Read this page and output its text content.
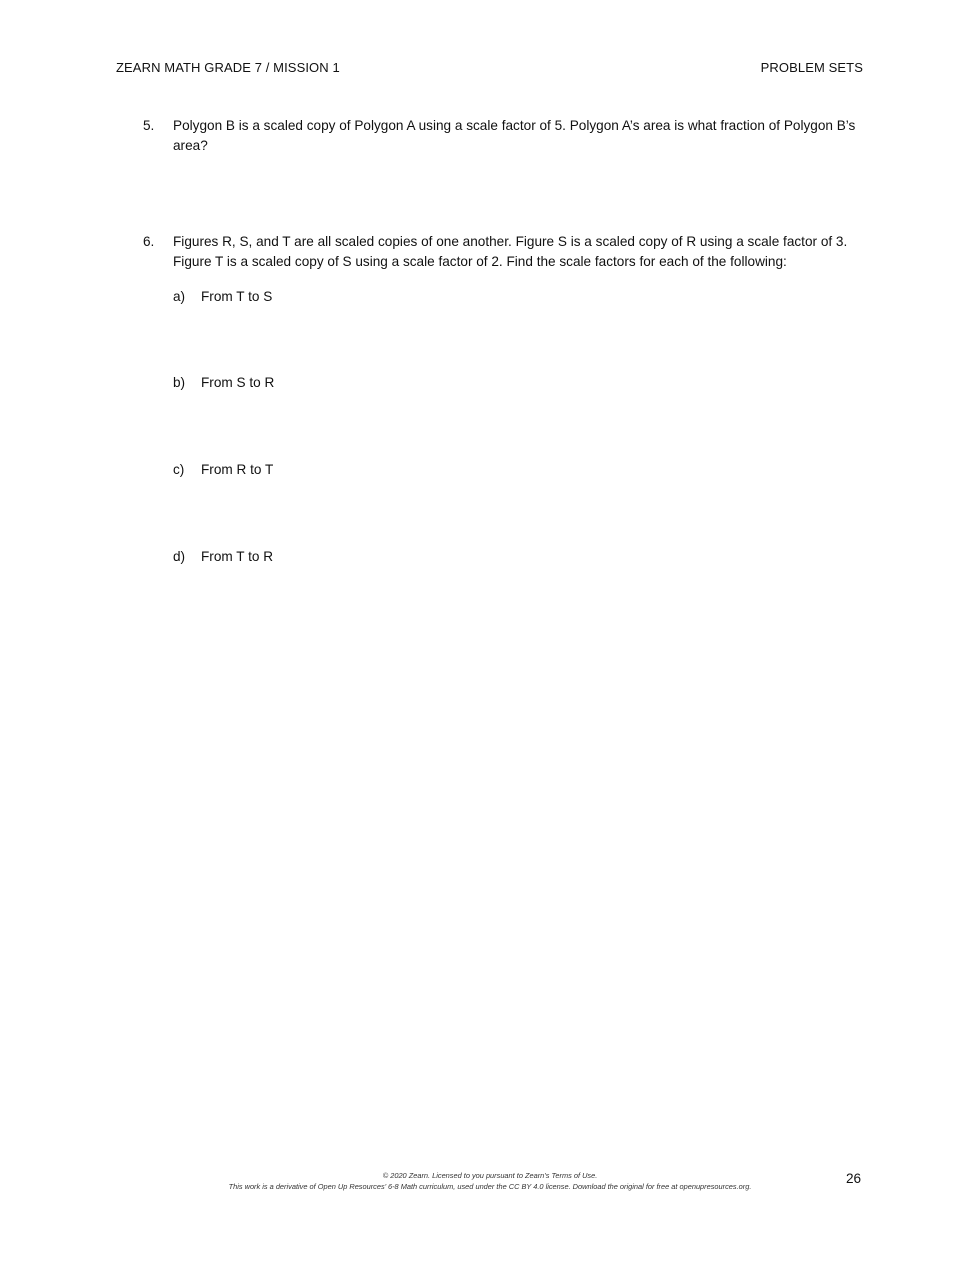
ZEARN MATH GRADE 7 / MISSION 1	PROBLEM SETS
5. Polygon B is a scaled copy of Polygon A using a scale factor of 5. Polygon A’s area is what fraction of Polygon B’s area?
6. Figures R, S, and T are all scaled copies of one another. Figure S is a scaled copy of R using a scale factor of 3. Figure T is a scaled copy of S using a scale factor of 2. Find the scale factors for each of the following:
a) From T to S
b) From S to R
c) From R to T
d) From T to R
© 2020 Zearn. Licensed to you pursuant to Zearn’s Terms of Use.
This work is a derivative of Open Up Resources’ 6-8 Math curriculum, used under the CC BY 4.0 license. Download the original for free at openupresources.org.
26
